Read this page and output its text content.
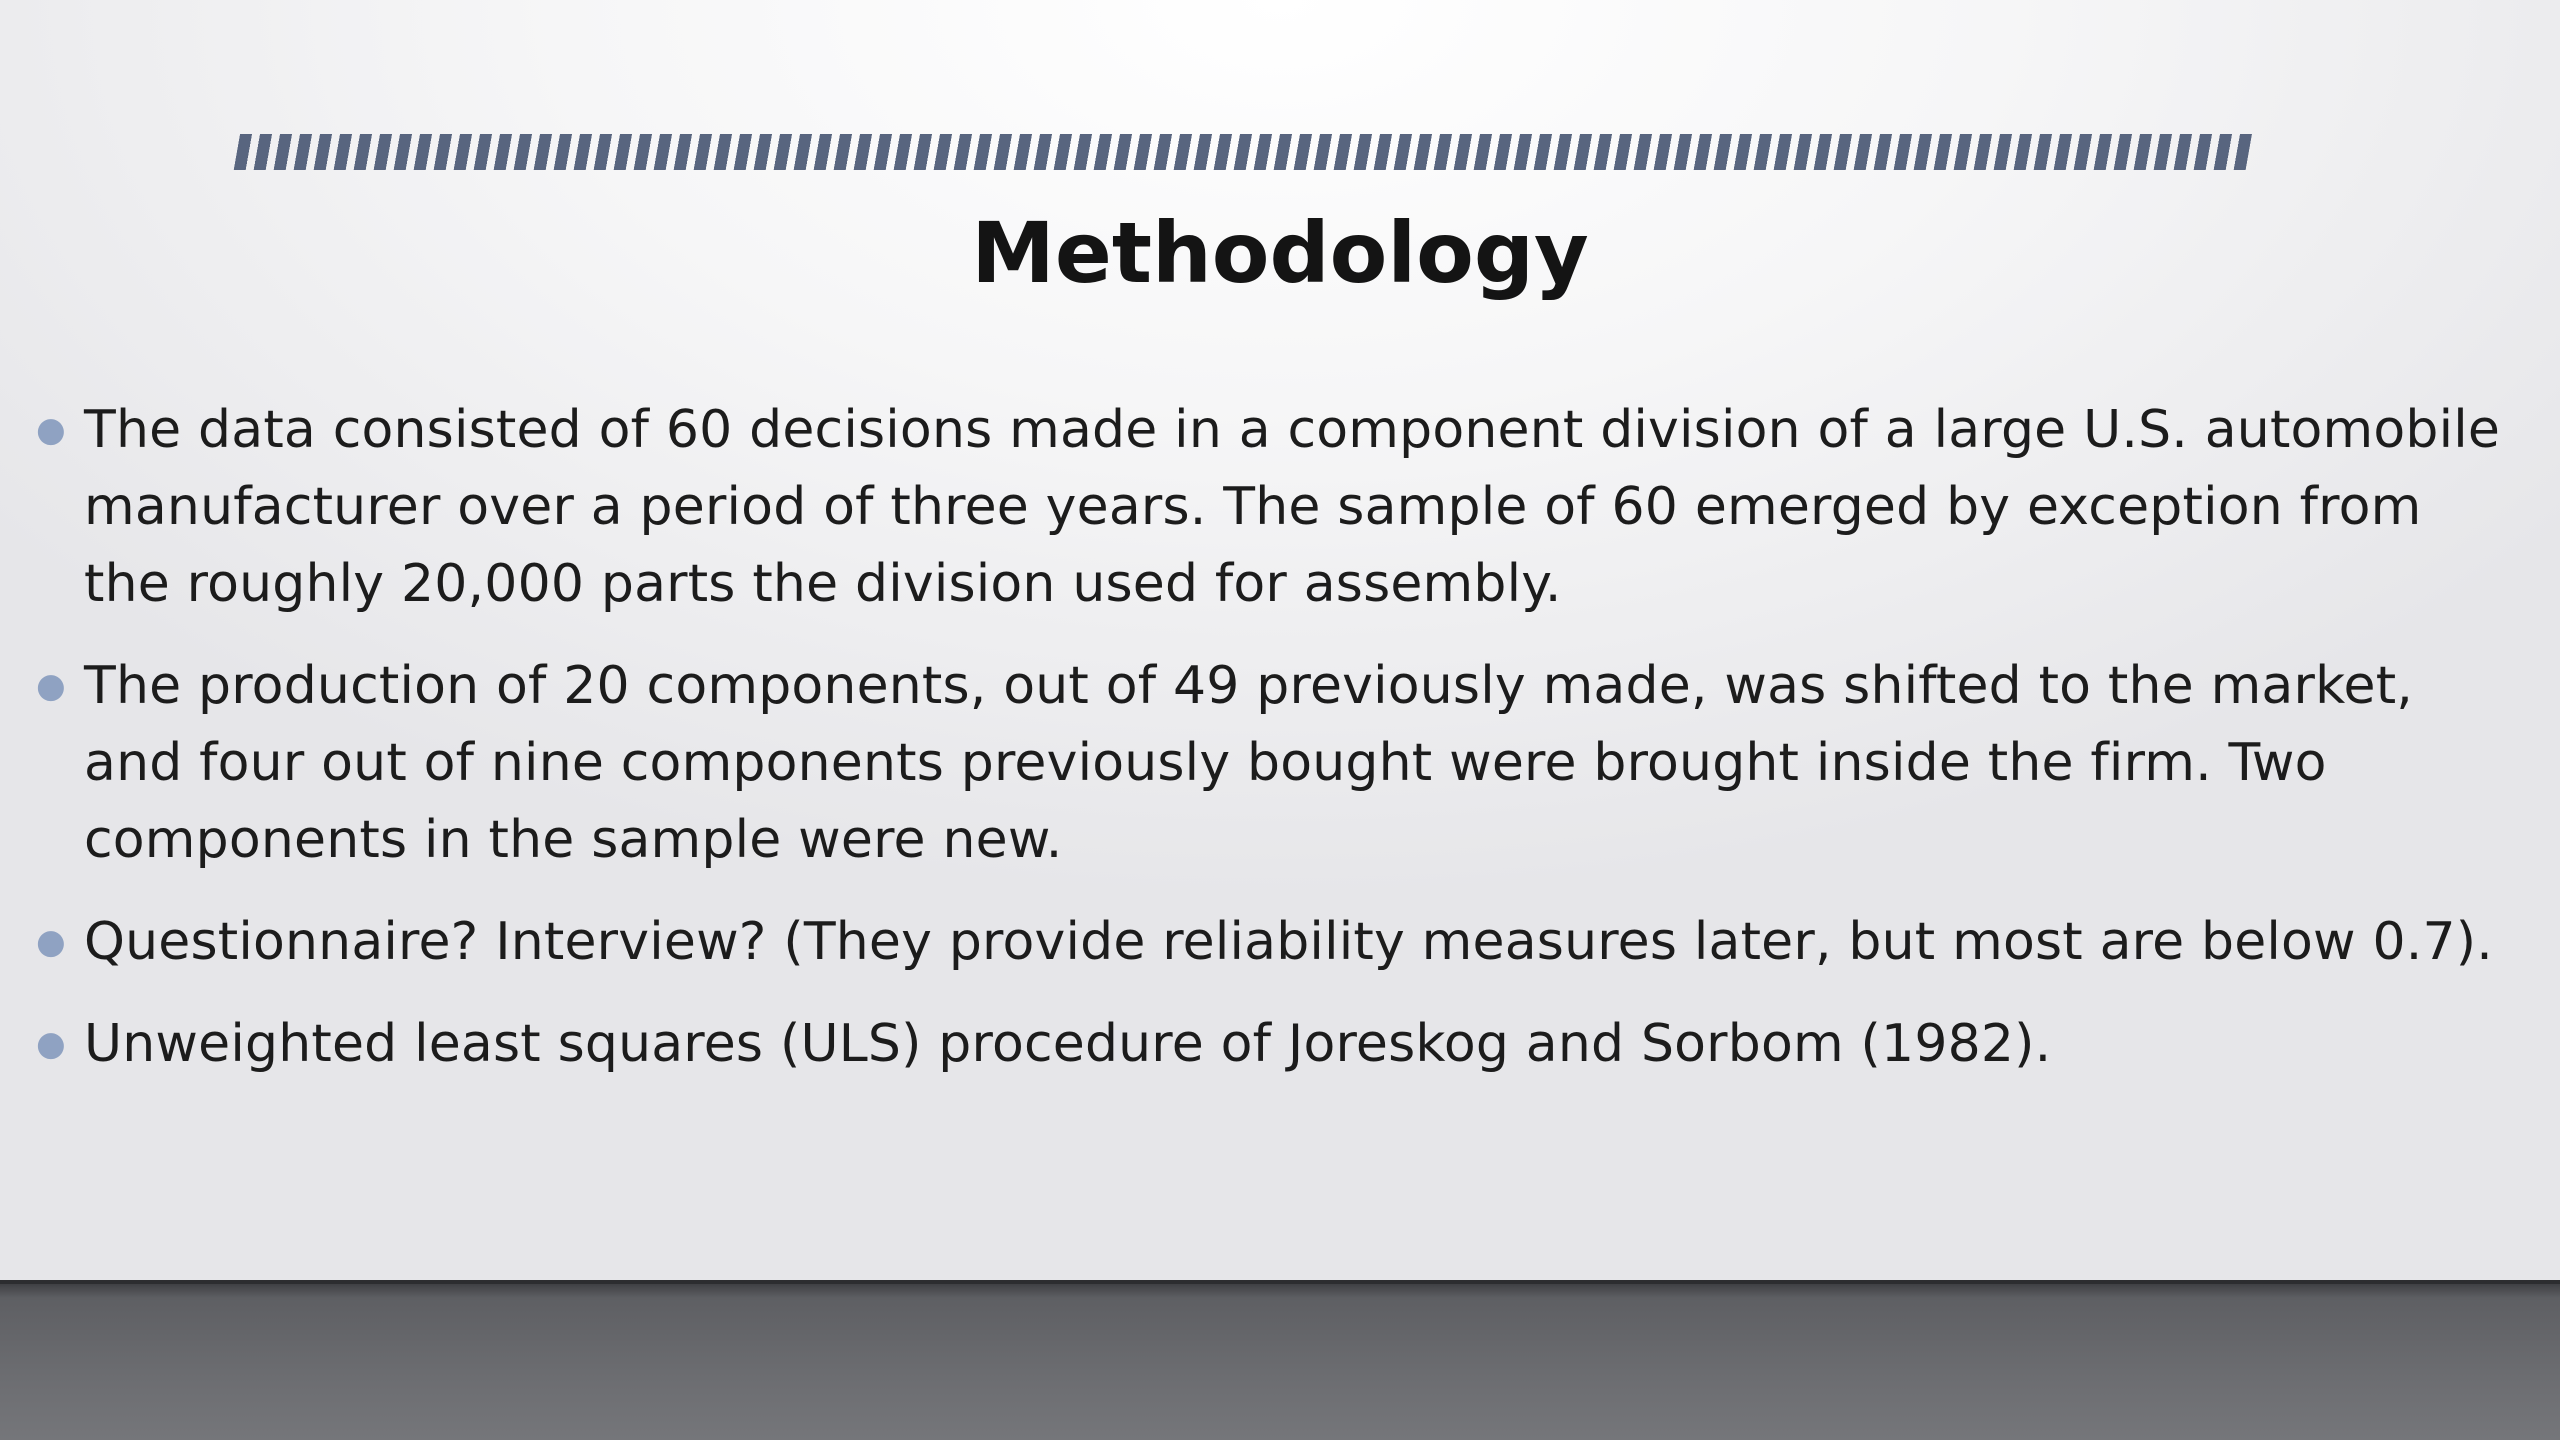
Methodology
● The data consisted of 60 decisions made in a component division of a large U.S. automobile manufacturer over a period of three years. The sample of 60 emerged by exception from the roughly 20,000 parts the division used for assembly.
● The production of 20 components, out of 49 previously made, was shifted to the market, and four out of nine components previously bought were brought inside the firm. Two components in the sample were new.
● Questionnaire? Interview? (They provide reliability measures later, but most are below 0.7).
● Unweighted least squares (ULS) procedure of Joreskog and Sorbom (1982).
